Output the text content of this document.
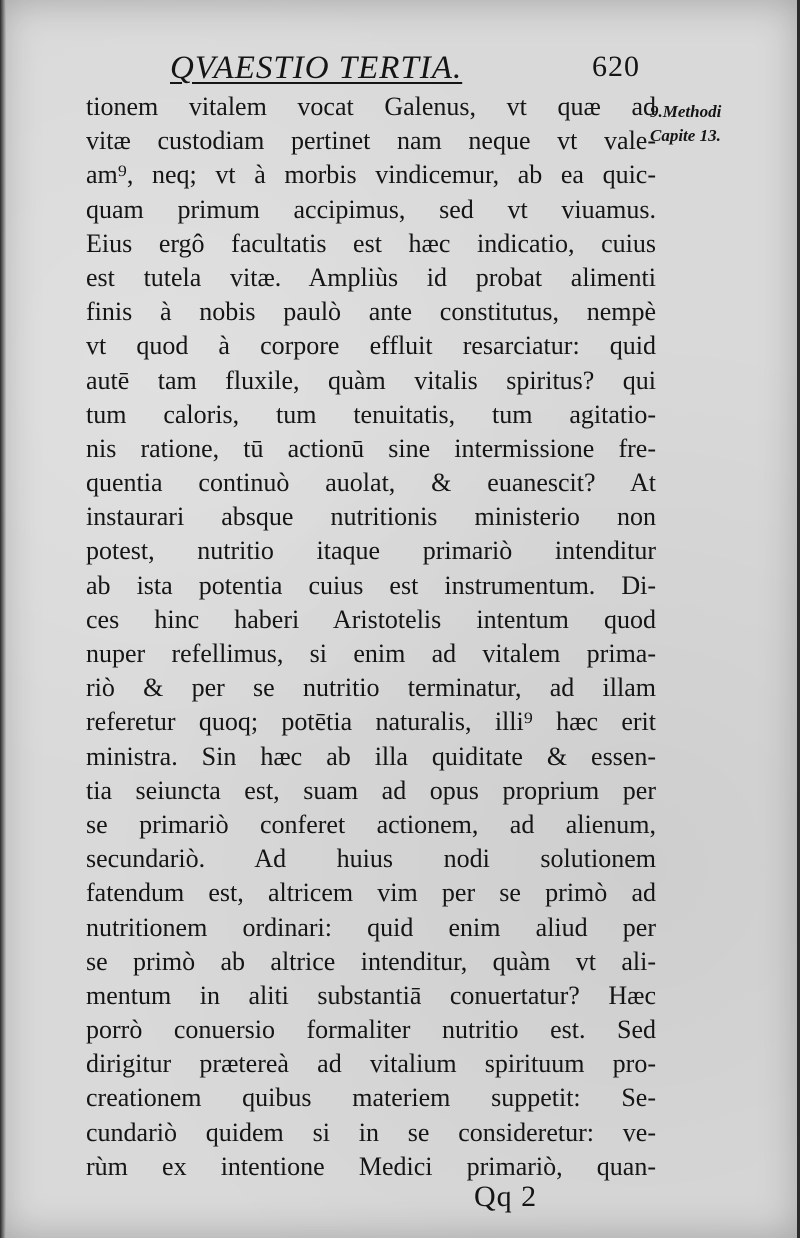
QVAESTIO TERTIA.	620
9.Methodi
Capite 13.
tionem vitalem vocat Galenus, vt quæ ad
vitæ custodiam pertinet nam neque vt vale-
am⁹, neq; vt à morbis vindicemur, ab ea quic-
quam primum accipimus, sed vt viuamus.
Eius ergô facultatis est hæc indicatio, cuius
est tutela vitæ. Ampliùs id probat alimenti
finis à nobis paulò ante constitutus, nempè
vt quod à corpore effluit resarciatur: quid
autē tam fluxile, quàm vitalis spiritus? qui
tum caloris, tum tenuitatis, tum agitatio-
nis ratione, tū actionū sine intermissione fre-
quentia continuò auolat, & euanescit? At
instaurari absque nutritionis ministerio non
potest, nutritio itaque primariò intenditur
ab ista potentia cuius est instrumentum. Di-
ces hinc haberi Aristotelis intentum quod
nuper refellimus, si enim ad vitalem prima-
riò & per se nutritio terminatur, ad illam
referetur quoq; potētia naturalis, illi⁹ hæc erit
ministra. Sin hæc ab illa quiditate & essen-
tia seiuncta est, suam ad opus proprium per
se primariò conferet actionem, ad alienum,
secundariò. Ad huius nodi solutionem
fatendum est, altricem vim per se primò ad
nutritionem ordinari: quid enim aliud per
se primò ab altrice intenditur, quàm vt ali-
mentum in aliti substantiā conuertatur? Hæc
porrò conuersio formaliter nutritio est. Sed
dirigitur prætereà ad vitalium spirituum pro-
creationem quibus materiem suppetit: Se-
cundariò quidem si in se consideretur: ve-
rùm ex intentione Medici primariò, quan-
Qq 2
